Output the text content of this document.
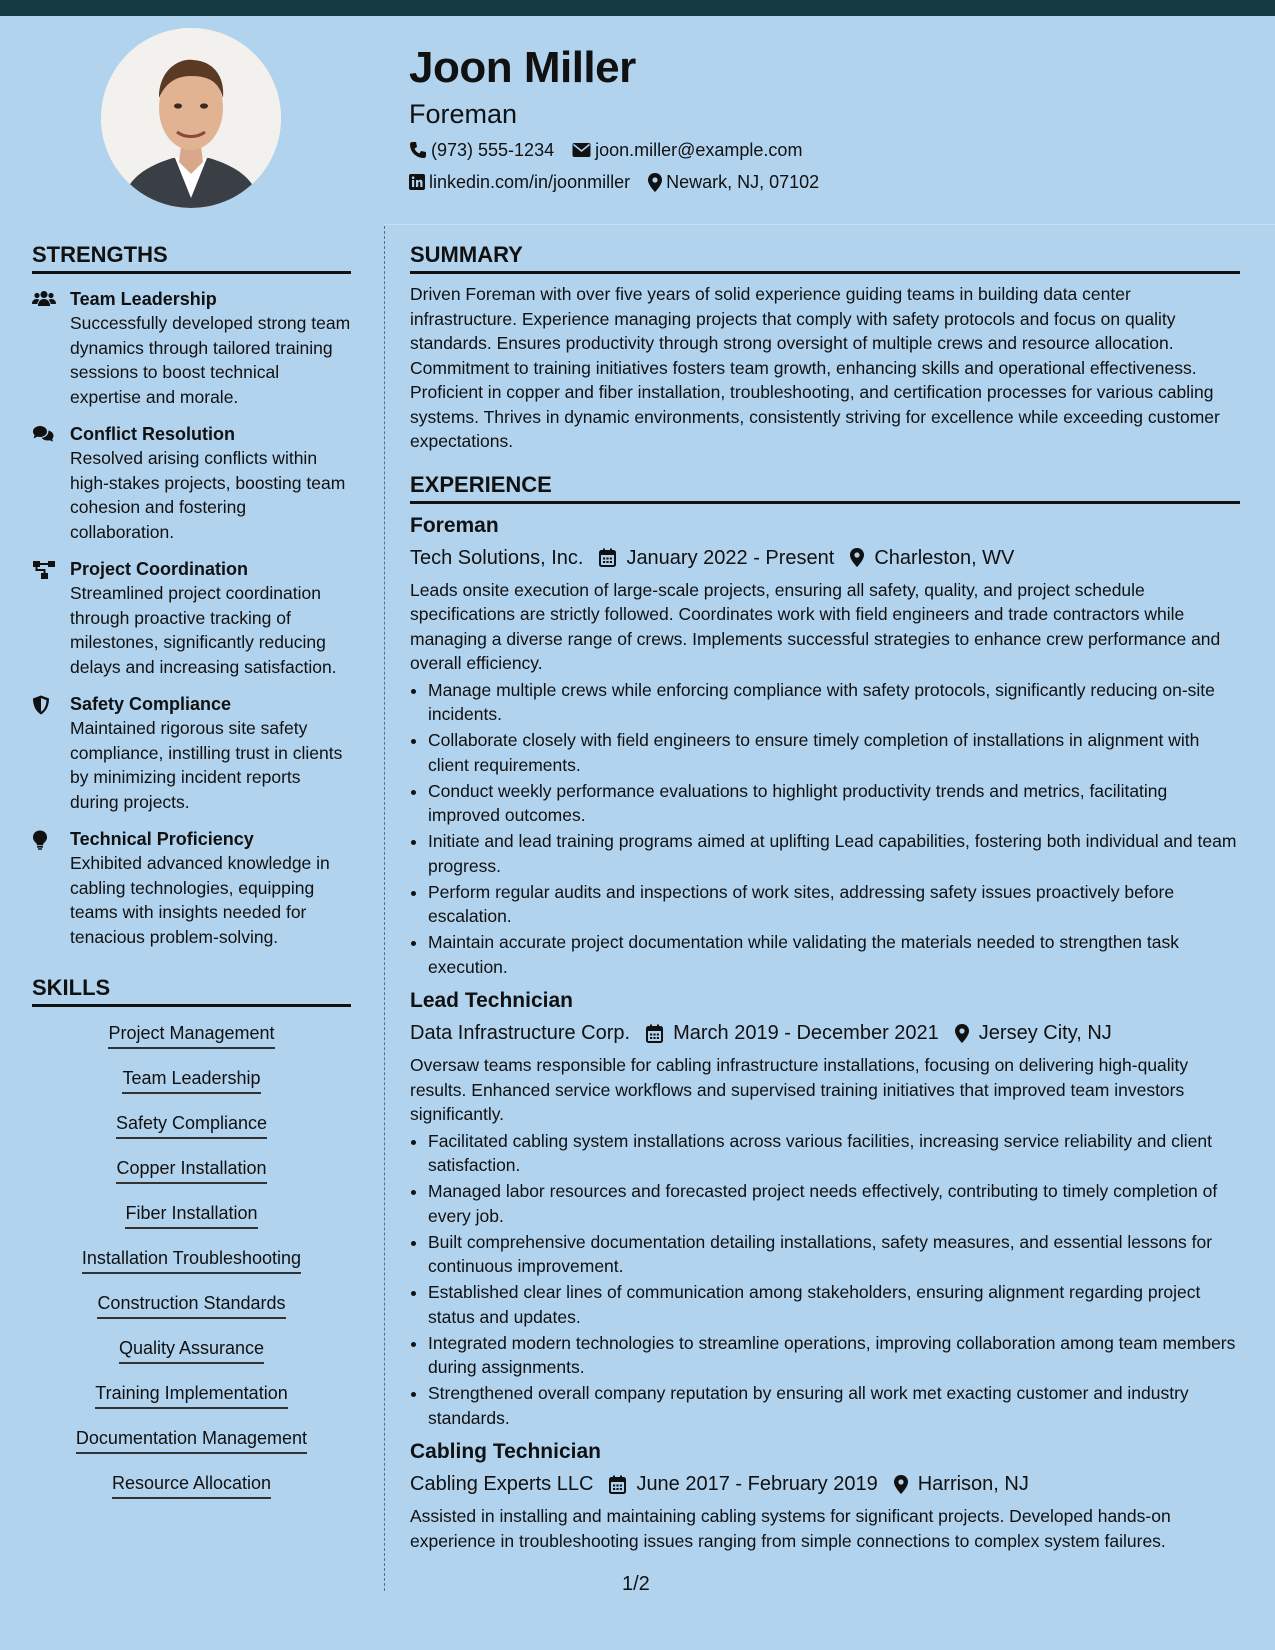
Joon Miller
Foreman
(973) 555-1234 joon.miller@example.com
linkedin.com/in/joonmiller Newark, NJ, 07102
STRENGTHS
Team Leadership
Successfully developed strong team dynamics through tailored training sessions to boost technical expertise and morale.
Conflict Resolution
Resolved arising conflicts within high-stakes projects, boosting team cohesion and fostering collaboration.
Project Coordination
Streamlined project coordination through proactive tracking of milestones, significantly reducing delays and increasing satisfaction.
Safety Compliance
Maintained rigorous site safety compliance, instilling trust in clients by minimizing incident reports during projects.
Technical Proficiency
Exhibited advanced knowledge in cabling technologies, equipping teams with insights needed for tenacious problem-solving.
SKILLS
Project Management
Team Leadership
Safety Compliance
Copper Installation
Fiber Installation
Installation Troubleshooting
Construction Standards
Quality Assurance
Training Implementation
Documentation Management
Resource Allocation
SUMMARY
Driven Foreman with over five years of solid experience guiding teams in building data center infrastructure. Experience managing projects that comply with safety protocols and focus on quality standards. Ensures productivity through strong oversight of multiple crews and resource allocation. Commitment to training initiatives fosters team growth, enhancing skills and operational effectiveness. Proficient in copper and fiber installation, troubleshooting, and certification processes for various cabling systems. Thrives in dynamic environments, consistently striving for excellence while exceeding customer expectations.
EXPERIENCE
Foreman
Tech Solutions, Inc. January 2022 - Present Charleston, WV
Leads onsite execution of large-scale projects, ensuring all safety, quality, and project schedule specifications are strictly followed. Coordinates work with field engineers and trade contractors while managing a diverse range of crews. Implements successful strategies to enhance crew performance and overall efficiency.
• Manage multiple crews while enforcing compliance with safety protocols, significantly reducing on-site incidents.
• Collaborate closely with field engineers to ensure timely completion of installations in alignment with client requirements.
• Conduct weekly performance evaluations to highlight productivity trends and metrics, facilitating improved outcomes.
• Initiate and lead training programs aimed at uplifting Lead capabilities, fostering both individual and team progress.
• Perform regular audits and inspections of work sites, addressing safety issues proactively before escalation.
• Maintain accurate project documentation while validating the materials needed to strengthen task execution.
Lead Technician
Data Infrastructure Corp. March 2019 - December 2021 Jersey City, NJ
Oversaw teams responsible for cabling infrastructure installations, focusing on delivering high-quality results. Enhanced service workflows and supervised training initiatives that improved team investors significantly.
• Facilitated cabling system installations across various facilities, increasing service reliability and client satisfaction.
• Managed labor resources and forecasted project needs effectively, contributing to timely completion of every job.
• Built comprehensive documentation detailing installations, safety measures, and essential lessons for continuous improvement.
• Established clear lines of communication among stakeholders, ensuring alignment regarding project status and updates.
• Integrated modern technologies to streamline operations, improving collaboration among team members during assignments.
• Strengthened overall company reputation by ensuring all work met exacting customer and industry standards.
Cabling Technician
Cabling Experts LLC June 2017 - February 2019 Harrison, NJ
Assisted in installing and maintaining cabling systems for significant projects. Developed hands-on experience in troubleshooting issues ranging from simple connections to complex system failures.
1/2
